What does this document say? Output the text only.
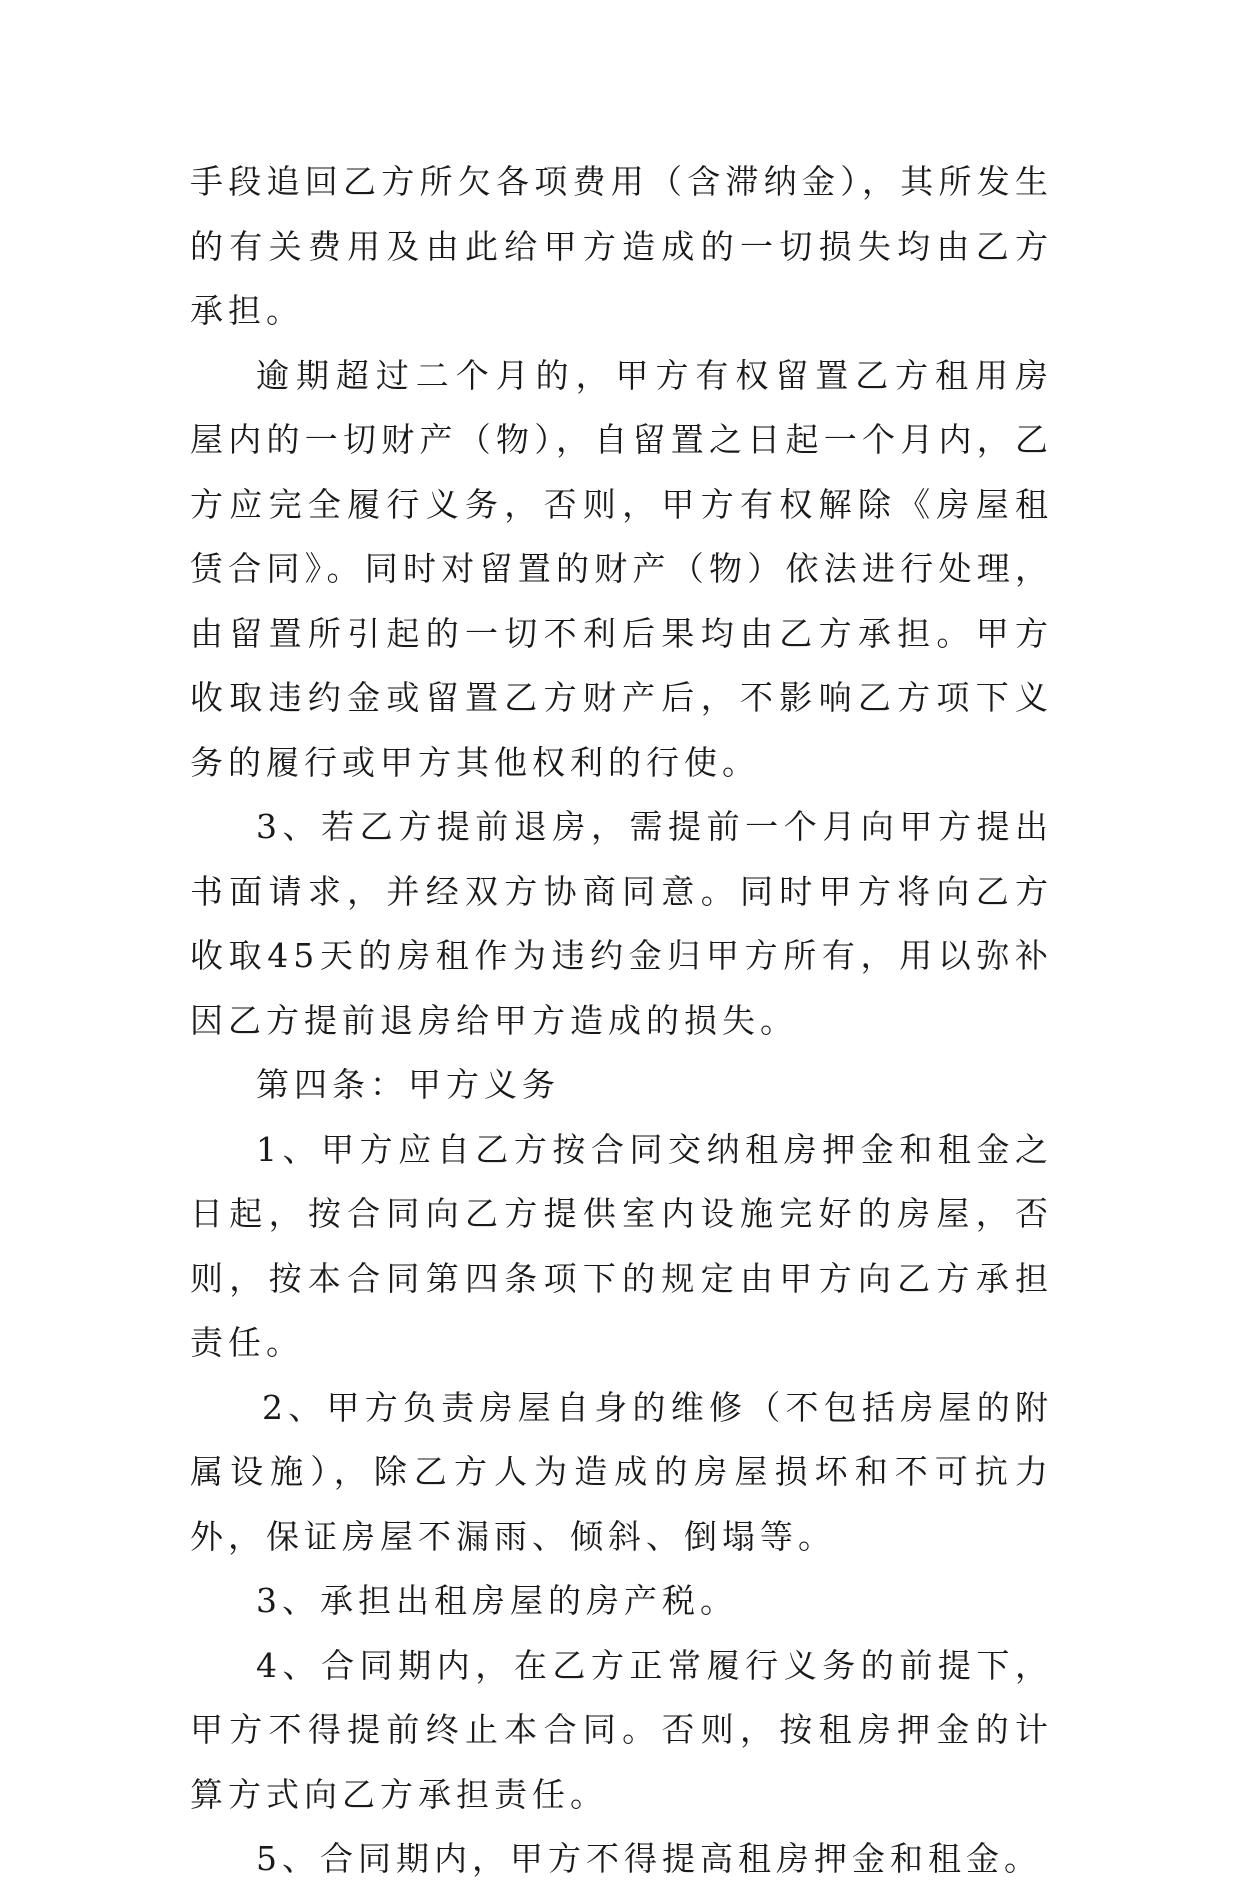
手段追回乙方所欠各项费用（含滞纳金），其所发生的有关费用及由此给甲方造成的一切损失均由乙方承担。

逾期超过二个月的，甲方有权留置乙方租用房屋内的一切财产（物），自留置之日起一个月内，乙方应完全履行义务，否则，甲方有权解除《房屋租赁合同》。同时对留置的财产（物）依法进行处理，由留置所引起的一切不利后果均由乙方承担。甲方收取违约金或留置乙方财产后，不影响乙方项下义务的履行或甲方其他权利的行使。

3、若乙方提前退房，需提前一个月向甲方提出书面请求，并经双方协商同意。同时甲方将向乙方收取45天的房租作为违约金归甲方所有，用以弥补因乙方提前退房给甲方造成的损失。

第四条：甲方义务

1、甲方应自乙方按合同交纳租房押金和租金之日起，按合同向乙方提供室内设施完好的房屋，否则，按本合同第四条项下的规定由甲方向乙方承担责任。

2、甲方负责房屋自身的维修（不包括房屋的附属设施），除乙方人为造成的房屋损坏和不可抗力外，保证房屋不漏雨、倾斜、倒塌等。

3、承担出租房屋的房产税。

4、合同期内，在乙方正常履行义务的前提下，甲方不得提前终止本合同。否则，按租房押金的计算方式向乙方承担责任。

5、合同期内，甲方不得提高租房押金和租金。
